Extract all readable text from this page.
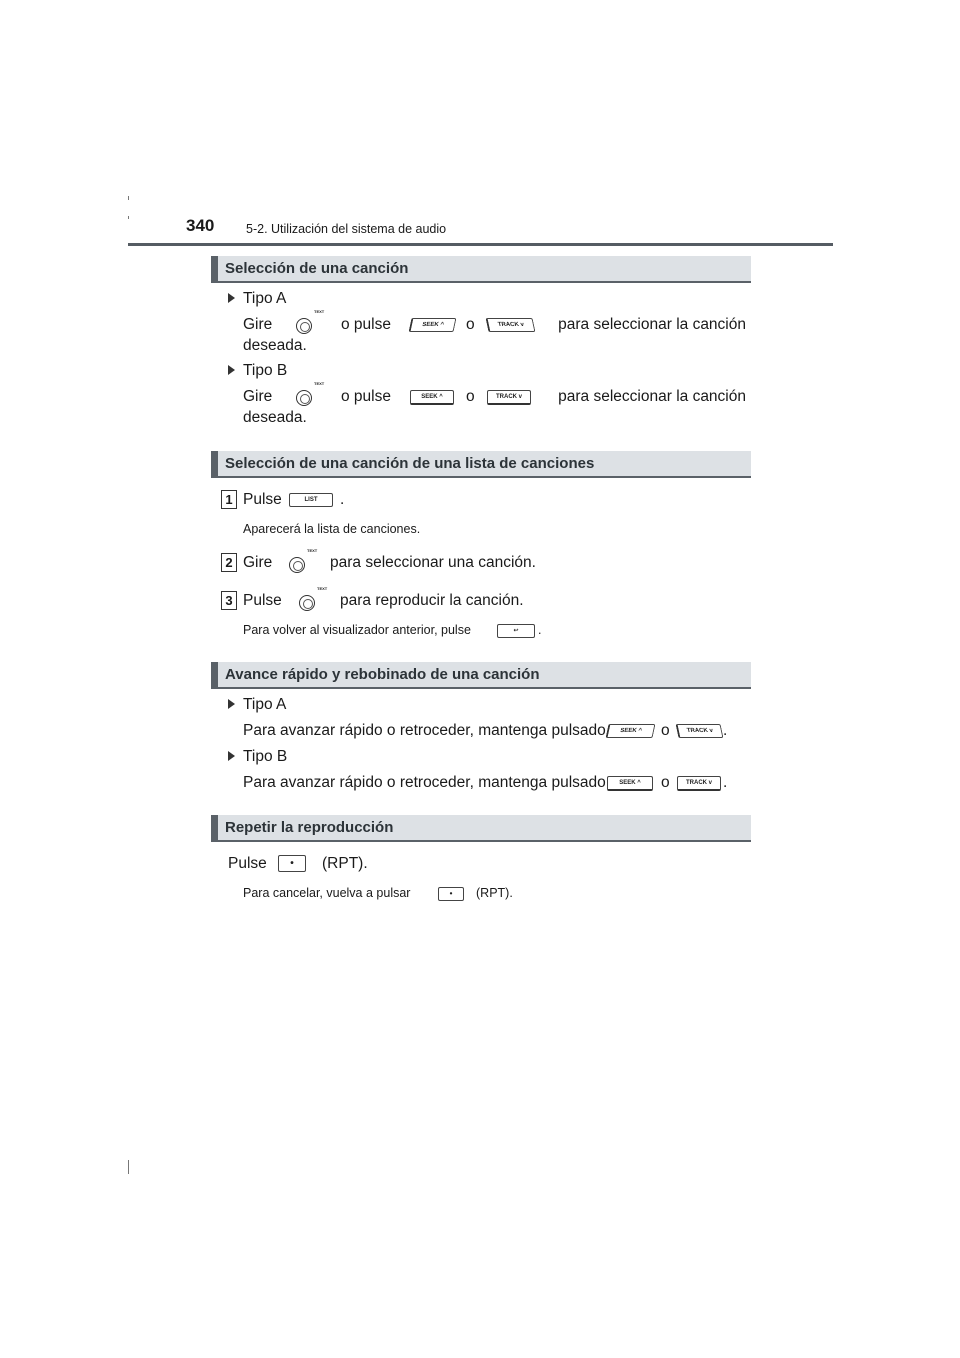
340	5-2. Utilización del sistema de audio
Selección de una canción
Tipo A
Gire
TEXT
o pulse	SEEK ^	o	TRACK v	para seleccionar la canción
deseada.
Tipo B
Gire
TEXT
o pulse	SEEK ^	o	TRACK v	para seleccionar la canción
deseada.
Selección de una canción de una lista de canciones
1 Pulse	LIST	.
Aparecerá la lista de canciones.
2 Gire
TEXT
para seleccionar una canción.
3 Pulse
TEXT
para reproducir la canción.
Para volver al visualizador anterior, pulse	↩	.
Avance rápido y rebobinado de una canción
Tipo A
Para avanzar rápido o retroceder, mantenga pulsado	SEEK ^	o	TRACK v .
Tipo B
Para avanzar rápido o retroceder, mantenga pulsado	SEEK ^	o	TRACK v .
Repetir la reproducción
Pulse	•	(RPT).
Para cancelar, vuelva a pulsar	•	(RPT).
